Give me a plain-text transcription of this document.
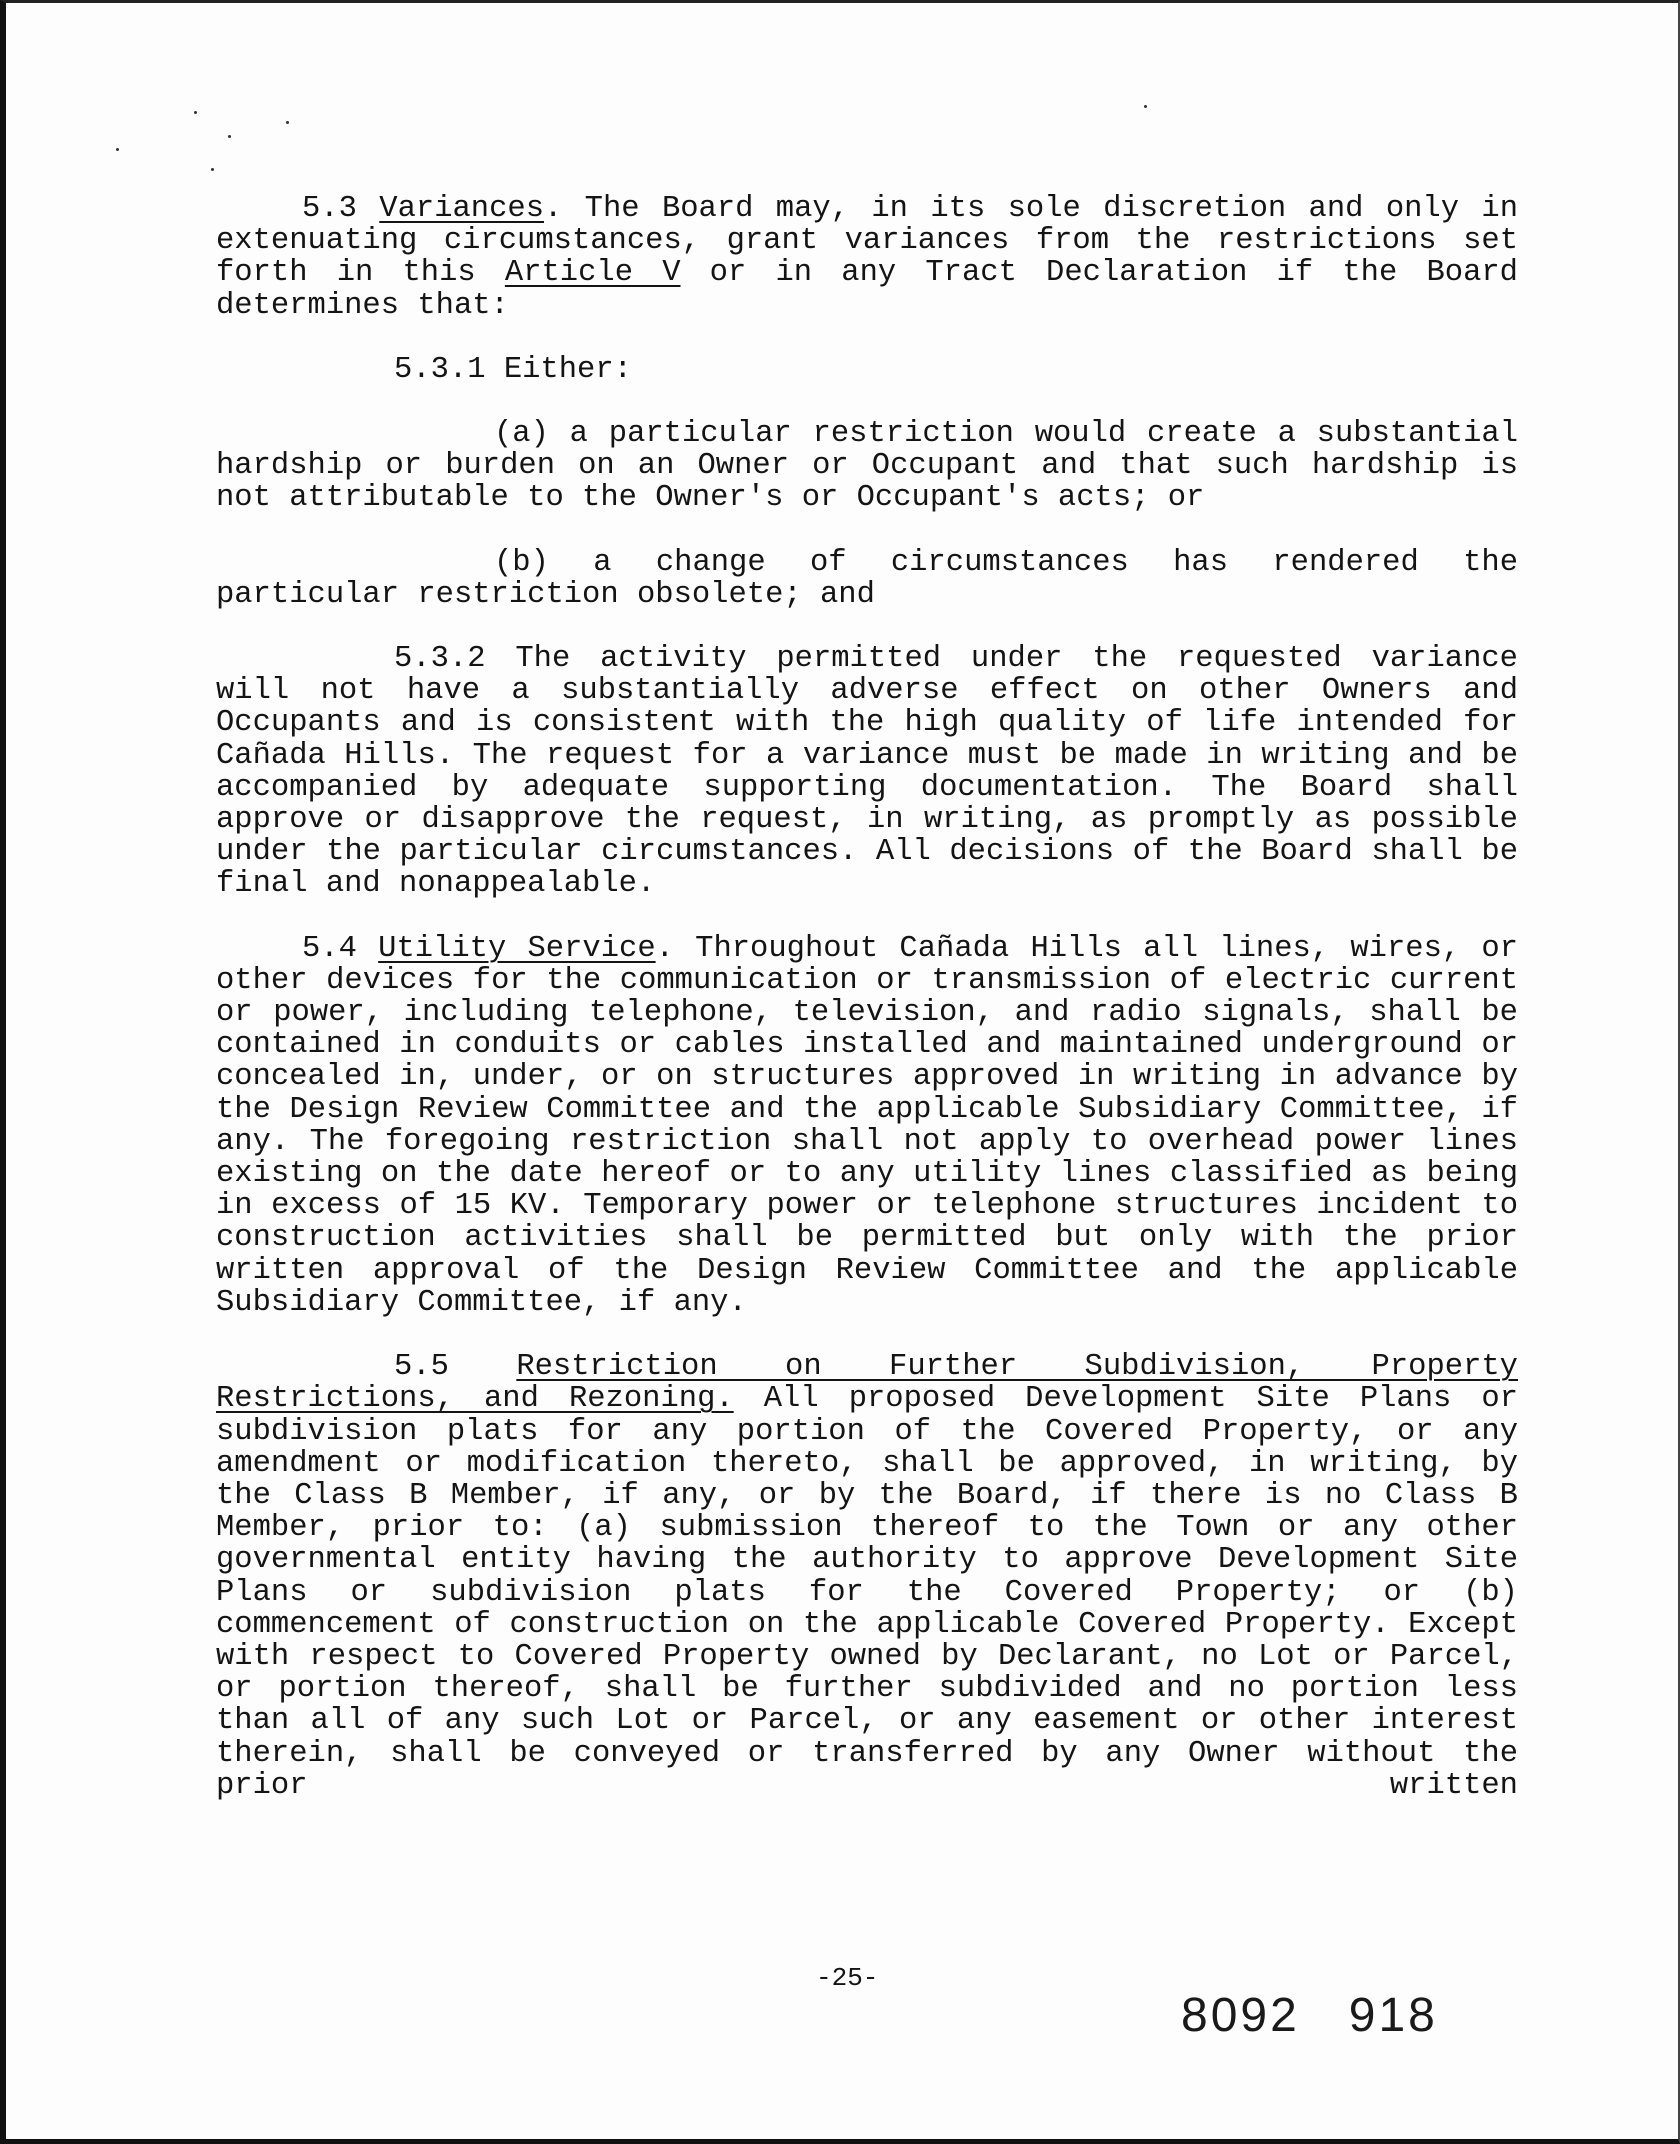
5.3 Variances. The Board may, in its sole discretion and only in extenuating circumstances, grant variances from the restrictions set forth in this Article V or in any Tract Declaration if the Board determines that:

5.3.1 Either:

(a) a particular restriction would create a substantial hardship or burden on an Owner or Occupant and that such hardship is not attributable to the Owner's or Occupant's acts; or

(b) a change of circumstances has rendered the particular restriction obsolete; and

5.3.2 The activity permitted under the requested variance will not have a substantially adverse effect on other Owners and Occupants and is consistent with the high quality of life intended for Cañada Hills. The request for a variance must be made in writing and be accompanied by adequate supporting documentation. The Board shall approve or disapprove the request, in writing, as promptly as possible under the particular circumstances. All decisions of the Board shall be final and nonappealable.

5.4 Utility Service. Throughout Cañada Hills all lines, wires, or other devices for the communication or transmission of electric current or power, including telephone, television, and radio signals, shall be contained in conduits or cables installed and maintained underground or concealed in, under, or on structures approved in writing in advance by the Design Review Committee and the applicable Subsidiary Committee, if any. The foregoing restriction shall not apply to overhead power lines existing on the date hereof or to any utility lines classified as being in excess of 15 KV. Temporary power or telephone structures incident to construction activities shall be permitted but only with the prior written approval of the Design Review Committee and the applicable Subsidiary Committee, if any.

5.5 Restriction on Further Subdivision, Property Restrictions, and Rezoning. All proposed Development Site Plans or subdivision plats for any portion of the Covered Property, or any amendment or modification thereto, shall be approved, in writing, by the Class B Member, if any, or by the Board, if there is no Class B Member, prior to: (a) submission thereof to the Town or any other governmental entity having the authority to approve Development Site Plans or subdivision plats for the Covered Property; or (b) commencement of construction on the applicable Covered Property. Except with respect to Covered Property owned by Declarant, no Lot or Parcel, or portion thereof, shall be further subdivided and no portion less than all of any such Lot or Parcel, or any easement or other interest therein, shall be conveyed or transferred by any Owner without the prior written

-25-
8092   918
